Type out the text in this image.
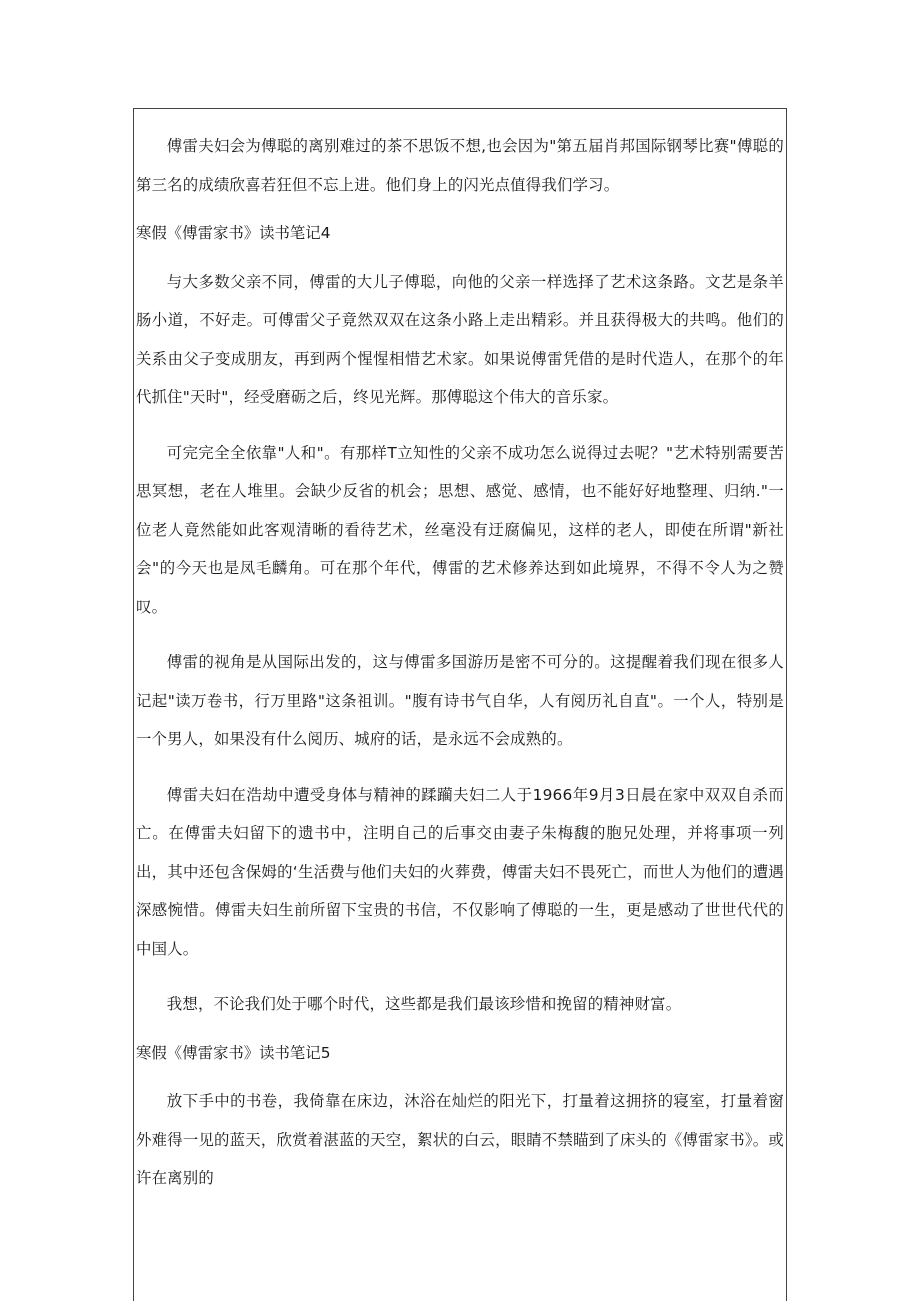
傅雷夫妇会为傅聪的离别难过的茶不思饭不想,也会因为"第五届肖邦国际钢琴比赛"傅聪的第三名的成绩欣喜若狂但不忘上进。他们身上的闪光点值得我们学习。

寒假《傅雷家书》读书笔记4

与大多数父亲不同，傅雷的大儿子傅聪，向他的父亲一样选择了艺术这条路。文艺是条羊肠小道，不好走。可傅雷父子竟然双双在这条小路上走出精彩。并且获得极大的共鸣。他们的关系由父子变成朋友，再到两个惺惺相惜艺术家。如果说傅雷凭借的是时代造人，在那个的年代抓住"天时"，经受磨砺之后，终见光辉。那傅聪这个伟大的音乐家。

可完完全全依靠"人和"。有那样T立知性的父亲不成功怎么说得过去呢？"艺术特别需要苦思冥想，老在人堆里。会缺少反省的机会；思想、感觉、感情，也不能好好地整理、归纳."一位老人竟然能如此客观清晰的看待艺术，丝毫没有迂腐偏见，这样的老人，即使在所谓"新社会"的今天也是凤毛麟角。可在那个年代，傅雷的艺术修养达到如此境界，不得不令人为之赞叹。

傅雷的视角是从国际出发的，这与傅雷多国游历是密不可分的。这提醒着我们现在很多人记起"读万卷书，行万里路"这条祖训。"腹有诗书气自华，人有阅历礼自直"。一个人，特别是一个男人，如果没有什么阅历、城府的话，是永远不会成熟的。

傅雷夫妇在浩劫中遭受身体与精神的蹂躏夫妇二人于1966年9月3日晨在家中双双自杀而亡。在傅雷夫妇留下的遗书中，注明自己的后事交由妻子朱梅馥的胞兄处理，并将事项一列出，其中还包含保姆的‘生活费与他们夫妇的火葬费，傅雷夫妇不畏死亡，而世人为他们的遭遇深感惋惜。傅雷夫妇生前所留下宝贵的书信，不仅影响了傅聪的一生，更是感动了世世代代的中国人。

我想，不论我们处于哪个时代，这些都是我们最该珍惜和挽留的精神财富。

寒假《傅雷家书》读书笔记5

放下手中的书卷，我倚靠在床边，沐浴在灿烂的阳光下，打量着这拥挤的寝室，打量着窗外难得一见的蓝天，欣赏着湛蓝的天空，絮状的白云，眼睛不禁瞄到了床头的《傅雷家书》。或许在离别的
